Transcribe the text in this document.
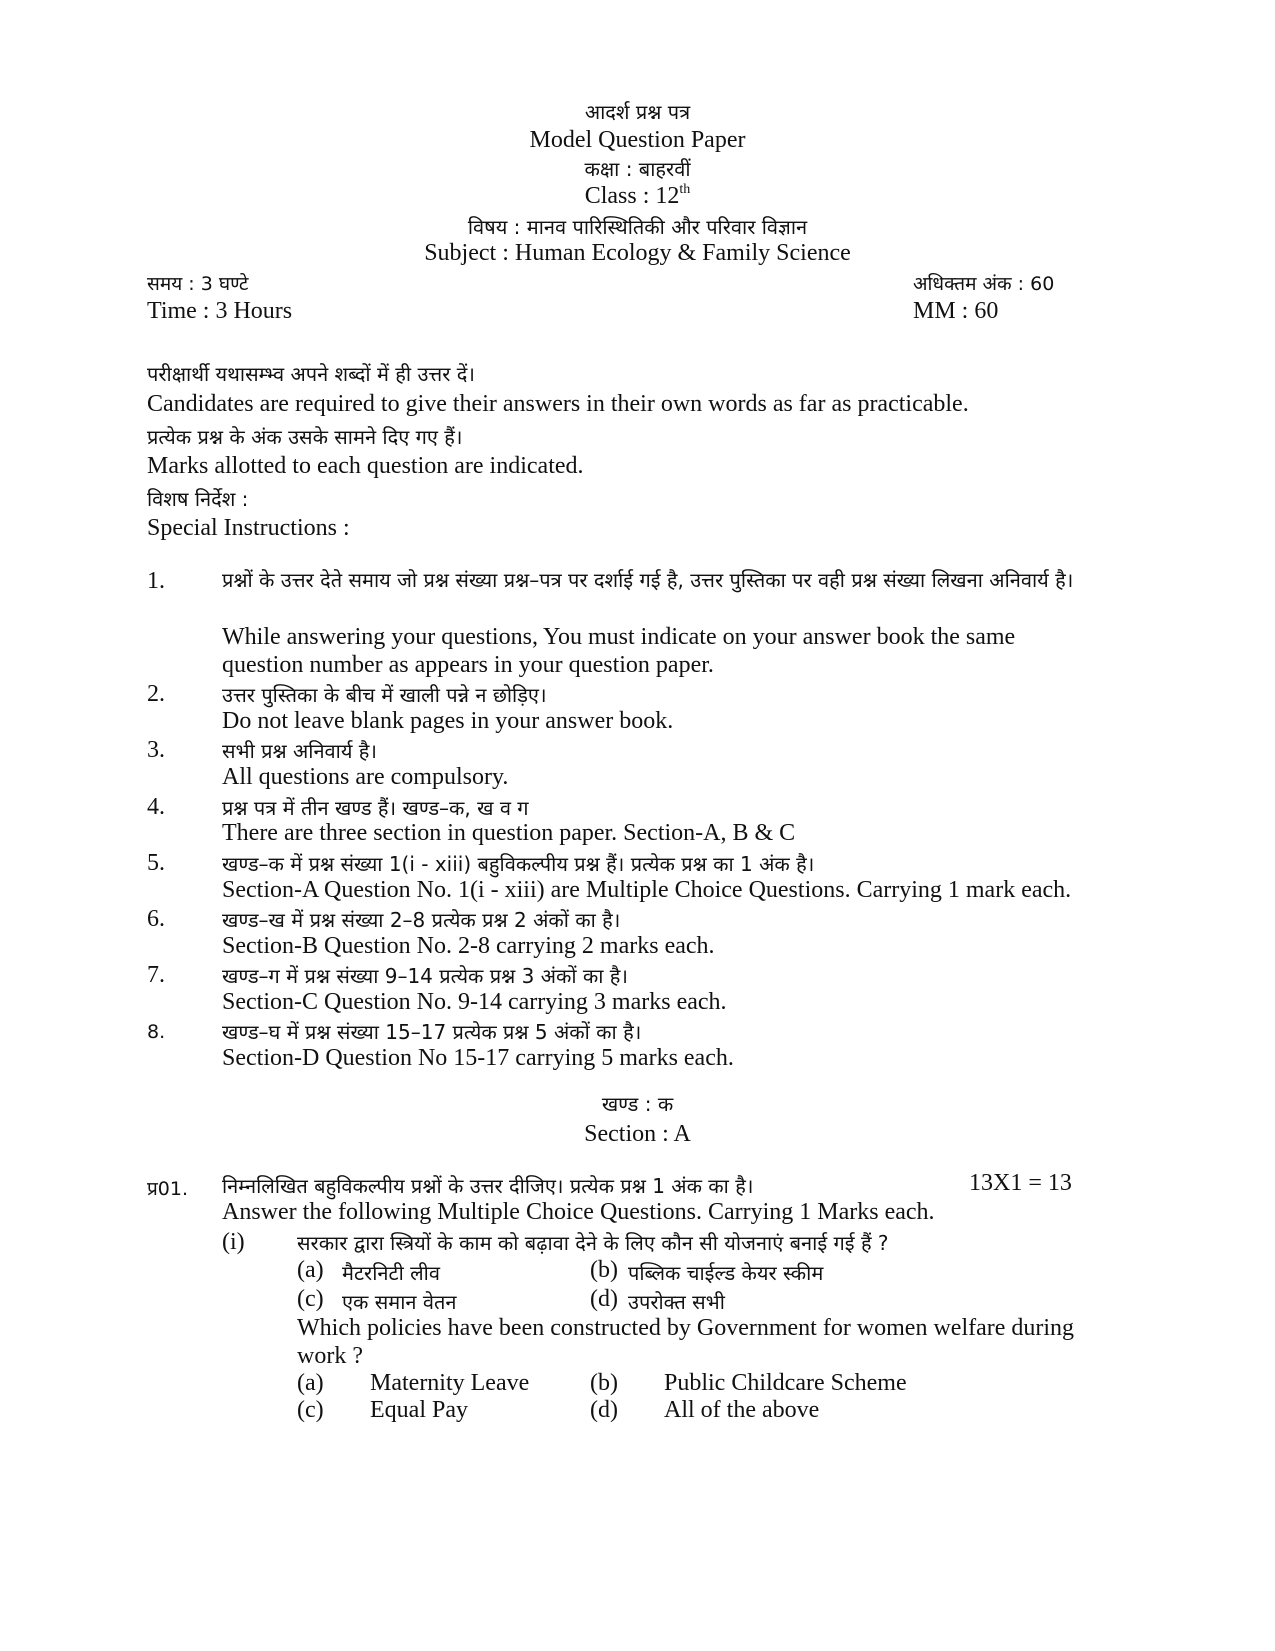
आदर्श प्रश्न पत्र
Model Question Paper
कक्षा : बाहरवीं
Class : 12th
विषय : मानव पारिस्थितिकी और परिवार विज्ञान
Subject : Human Ecology & Family Science
समय : 3 घण्टे
Time : 3 Hours
अधिक्तम अंक : 60
MM : 60
परीक्षार्थी यथासम्भ्व अपने शब्दों में ही उत्तर दें।
Candidates are required to give their answers in their own words as far as practicable.
प्रत्येक प्रश्न के अंक उसके सामने दिए गए हैं।
Marks allotted to each question are indicated.
विशष निर्देश :
Special Instructions :
1.	प्रश्नों के उत्तर देते समाय जो प्रश्न संख्या प्रश्न–पत्र पर दर्शाई गई है, उत्तर पुस्तिका पर वही प्रश्न संख्या लिखना अनिवार्य है।
While answering your questions, You must indicate on your answer book the same question number as appears in your question paper.
2.	उत्तर पुस्तिका के बीच में खाली पन्ने न छोड़िए।
Do not leave blank pages in your answer book.
3.	सभी प्रश्न अनिवार्य है।
All questions are compulsory.
4.	प्रश्न पत्र में तीन खण्ड हैं। खण्ड–क, ख व ग
There are three section in question paper. Section-A, B & C
5.	खण्ड–क में प्रश्न संख्या 1(i - xiii) बहुविकल्पीय प्रश्न हैं। प्रत्येक प्रश्न का 1 अंक है।
Section-A Question No. 1(i - xiii) are Multiple Choice Questions. Carrying 1 mark each.
6.	खण्ड–ख में प्रश्न संख्या 2–8 प्रत्येक प्रश्न 2 अंकों का है।
Section-B Question No. 2-8 carrying 2 marks each.
7.	खण्ड–ग में प्रश्न संख्या 9–14 प्रत्येक प्रश्न 3 अंकों का है।
Section-C Question No. 9-14 carrying 3 marks each.
8.	खण्ड–घ में प्रश्न संख्या 15–17 प्रत्येक प्रश्न 5 अंकों का है।
Section-D Question No 15-17 carrying 5 marks each.
खण्ड : क
Section : A
प्र01. निम्नलिखित बहुविकल्पीय प्रश्नों के उत्तर दीजिए। प्रत्येक प्रश्न 1 अंक का है।	13X1 = 13
Answer the following Multiple Choice Questions. Carrying 1 Marks each.
(i)	सरकार द्वारा स्त्रियों के काम को बढ़ावा देने के लिए कौन सी योजनाएं बनाई गई हैं ?
(a) मैटरनिटी लीव	(b) पब्लिक चाईल्ड केयर स्कीम
(c) एक समान वेतन	(d) उपरोक्त सभी
Which policies have been constructed by Government for women welfare during work ?
(a) Maternity Leave	(b) Public Childcare Scheme
(c) Equal Pay	(d) All of the above
